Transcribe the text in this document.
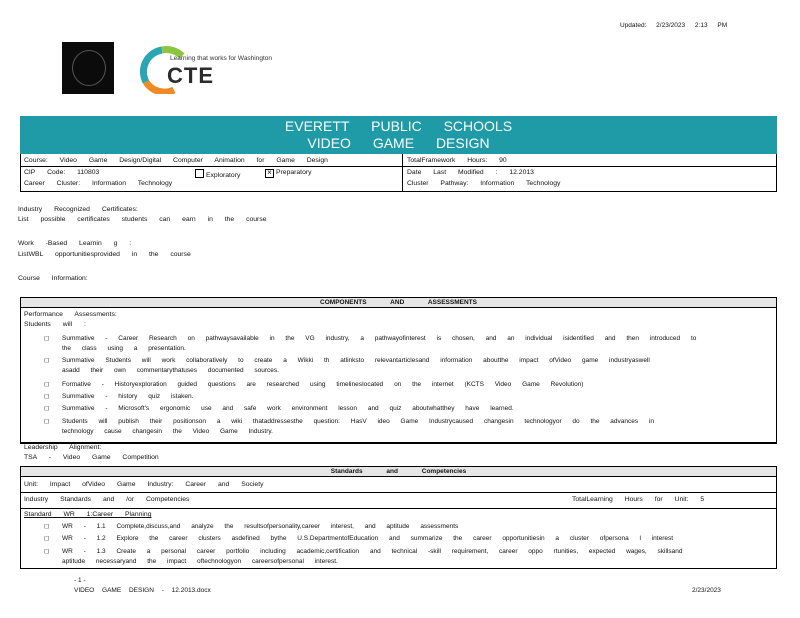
Updated: 2/23/2023 2:13 PM
Learning that works for Washington
CTE
EVERETT PUBLIC SCHOOLS
VIDEO GAME DESIGN
Course: Video Game Design/Digital Computer Animation for Game Design
CIP Code: 110803	Exploratory
×	Preparatory
Career Cluster: Information Technology
TotalFramework Hours: 90
Date Last Modified : 12.2013
Cluster Pathway: Information Technology
Industry Recognized Certificates:
List possible certificates students can earn in the course
Work -Based Learnin g :
ListWBL opportunitiesprovided in the course
Course Information:
COMPONENTS AND ASSESSMENTS
Performance Assessments:
Students will :
◻ Summative - Career Research on pathwaysavailable in the VG industry, a pathwayofinterest is chosen, and an individual isidentified and then introduced to
the class using a presentation.
◻ Summative Students will work collaboratively to create a Wikki th atlinksto relevantarticlesand information aboutthe impact ofVideo game industryaswell
asadd their own commentarythatuses documented sources.
◻ Formative - Historyexploration guided questions are researched using timelinesIocated on the internet (KCTS Video Game Revolution)
◻ Summative - history quiz istaken.
◻ Summative - Microsoft's ergonomic use and safe work environment lesson and quiz aboutwhatthey have learned.
◻ Students will publish their positionson a wiki thataddressesthe question: HasV ideo Game Industrycaused changesin technologyor do the advances in
technology cause changesin the Video Game Industry.
Leadership Alignment:
TSA - Video Game Competition
Standards and Competencies
Unit: Impact ofVideo Game Industry: Career and Society
Industry Standards and /or Competencies	TotalLearning Hours for Unit: 5
Standard WR 1:Career Planning
◻ WR - 1.1 Complete,discuss,and analyze the resultsofpersonality,career interest, and aptitude assessments
◻ WR - 1.2 Explore the career clusters asdefined bythe U.S.DepartmentofEducation and summarize the career opportunitiesin a cluster ofpersona l interest
◻ WR - 1.3 Create a personal career portfolio including academic,certification and technical -skill requirement, career oppo rtunities, expected wages, skillsand
aptitude necessaryand the impact oftechnologyon careersofpersonal interest.
- 1 -
VIDEO GAME DESIGN - 12.2013.docx	2/23/2023
